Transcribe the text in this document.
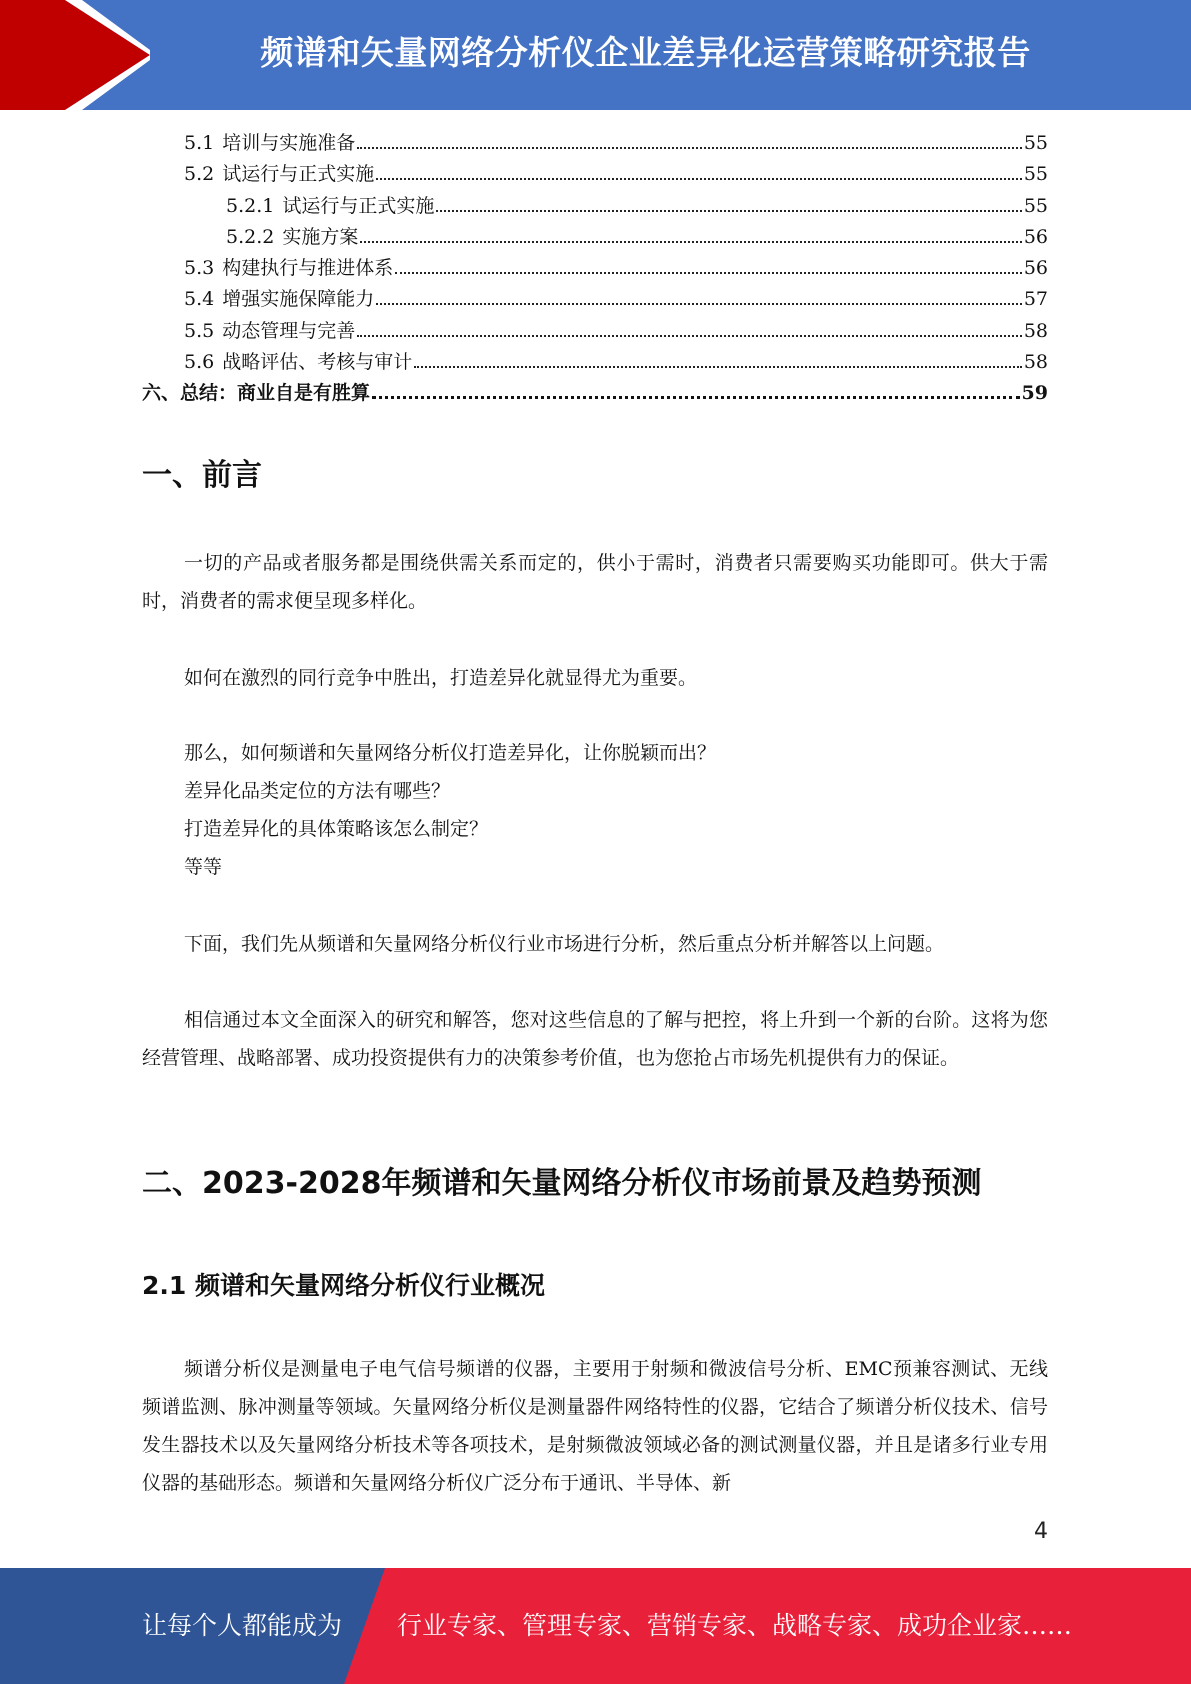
频谱和矢量网络分析仪企业差异化运营策略研究报告
5.1 培训与实施准备	55
5.2 试运行与正式实施	55
5.2.1 试运行与正式实施	55
5.2.2 实施方案	56
5.3 构建执行与推进体系	56
5.4 增强实施保障能力	57
5.5 动态管理与完善	58
5.6 战略评估、考核与审计	58
六、总结：商业自是有胜算	59
一、前言
一切的产品或者服务都是围绕供需关系而定的，供小于需时，消费者只需要购买功能即可。供大于需时，消费者的需求便呈现多样化。
如何在激烈的同行竞争中胜出，打造差异化就显得尤为重要。
那么，如何频谱和矢量网络分析仪打造差异化，让你脱颖而出？
差异化品类定位的方法有哪些？
打造差异化的具体策略该怎么制定？
等等
下面，我们先从频谱和矢量网络分析仪行业市场进行分析，然后重点分析并解答以上问题。
相信通过本文全面深入的研究和解答，您对这些信息的了解与把控，将上升到一个新的台阶。这将为您经营管理、战略部署、成功投资提供有力的决策参考价值，也为您抢占市场先机提供有力的保证。
二、2023-2028年频谱和矢量网络分析仪市场前景及趋势预测
2.1 频谱和矢量网络分析仪行业概况
频谱分析仪是测量电子电气信号频谱的仪器，主要用于射频和微波信号分析、EMC预兼容测试、无线频谱监测、脉冲测量等领域。矢量网络分析仪是测量器件网络特性的仪器，它结合了频谱分析仪技术、信号发生器技术以及矢量网络分析技术等各项技术，是射频微波领域必备的测试测量仪器，并且是诸多行业专用仪器的基础形态。频谱和矢量网络分析仪广泛分布于通讯、半导体、新
4
让每个人都能成为 行业专家、管理专家、营销专家、战略专家、成功企业家……
